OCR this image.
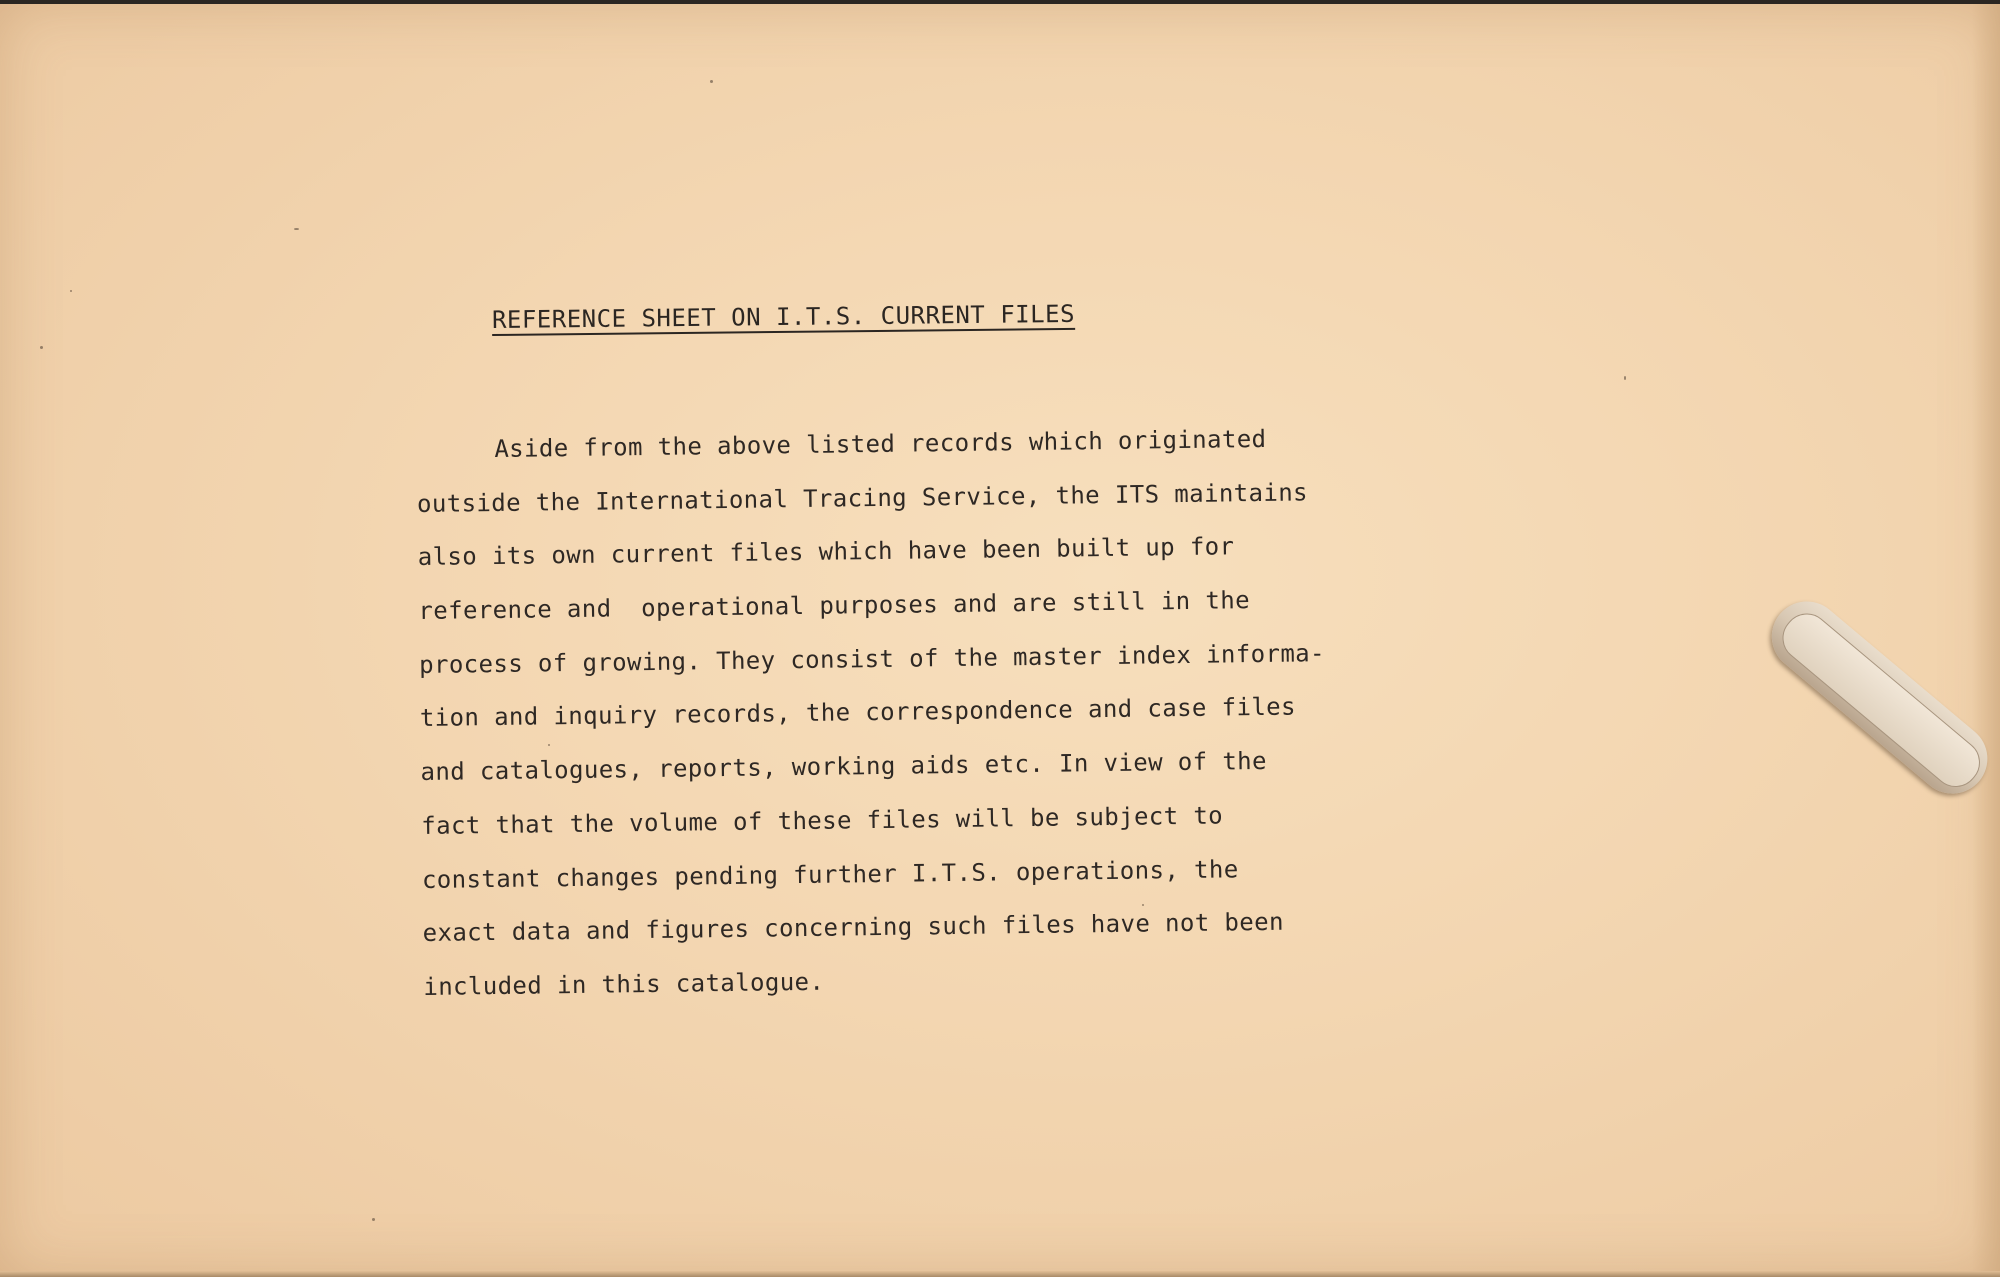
REFERENCE SHEET ON I.T.S. CURRENT FILES
Aside from the above listed records which originated
outside the International Tracing Service, the ITS maintains
also its own current files which have been built up for
reference and  operational purposes and are still in the
process of growing. They consist of the master index informa-
tion and inquiry records, the correspondence and case files
and catalogues, reports, working aids etc. In view of the
fact that the volume of these files will be subject to
constant changes pending further I.T.S. operations, the
exact data and figures concerning such files have not been
included in this catalogue.
